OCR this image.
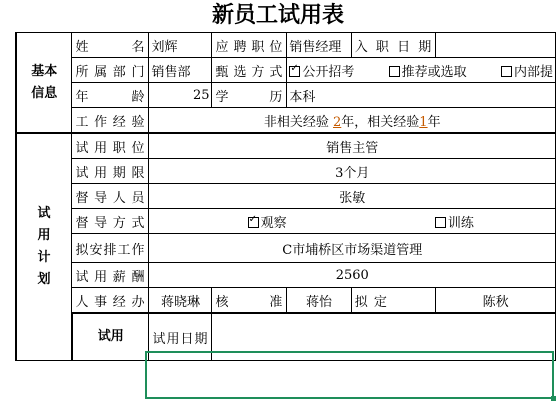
新员工试用表
基本信息	姓 名	刘辉	应聘职位	销售经理	入 职 日 期	
	所属部门	销售部	甄选方式	✓公开招考 推荐或选取 内部提
	年 龄	25	学 历	本科		
	工作经验	非相关经验 2年，相关经验1年				
试用计划	试用职位	销售主管				
	试用期限	3个月				
	督导人员	张敏				
	督导方式	✓观察 训练
	拟安排工作	C市埔桥区市场渠道管理				
	试用薪酬	2560				
	人事经办	蒋晓琳	核 准	蒋怡	拟 定	陈秋
	试用	试用日期				
